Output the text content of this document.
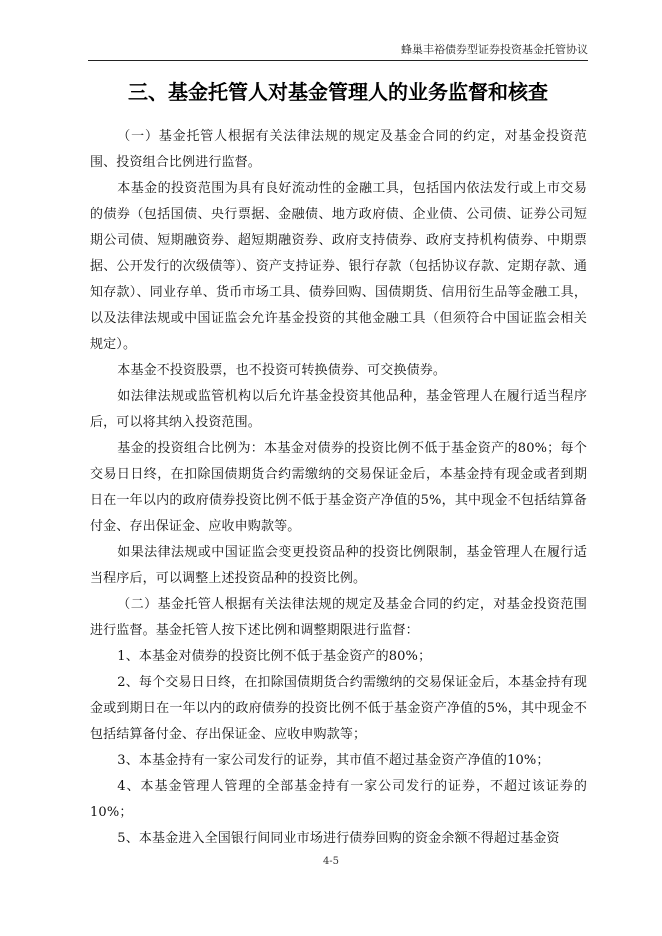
蜂巢丰裕债券型证券投资基金托管协议
三、基金托管人对基金管理人的业务监督和核查

（一）基金托管人根据有关法律法规的规定及基金合同的约定，对基金投资范围、投资组合比例进行监督。

本基金的投资范围为具有良好流动性的金融工具，包括国内依法发行或上市交易的债券（包括国债、央行票据、金融债、地方政府债、企业债、公司债、证券公司短期公司债、短期融资券、超短期融资券、政府支持债券、政府支持机构债券、中期票据、公开发行的次级债等）、资产支持证券、银行存款（包括协议存款、定期存款、通知存款）、同业存单、货币市场工具、债券回购、国债期货、信用衍生品等金融工具，以及法律法规或中国证监会允许基金投资的其他金融工具（但须符合中国证监会相关规定）。

本基金不投资股票，也不投资可转换债券、可交换债券。

如法律法规或监管机构以后允许基金投资其他品种，基金管理人在履行适当程序后，可以将其纳入投资范围。

基金的投资组合比例为：本基金对债券的投资比例不低于基金资产的80%；每个交易日日终，在扣除国债期货合约需缴纳的交易保证金后，本基金持有现金或者到期日在一年以内的政府债券投资比例不低于基金资产净值的5%，其中现金不包括结算备付金、存出保证金、应收申购款等。

如果法律法规或中国证监会变更投资品种的投资比例限制，基金管理人在履行适当程序后，可以调整上述投资品种的投资比例。

（二）基金托管人根据有关法律法规的规定及基金合同的约定，对基金投资范围进行监督。基金托管人按下述比例和调整期限进行监督：

1、本基金对债券的投资比例不低于基金资产的80%；

2、每个交易日日终，在扣除国债期货合约需缴纳的交易保证金后，本基金持有现金或到期日在一年以内的政府债券的投资比例不低于基金资产净值的5%，其中现金不包括结算备付金、存出保证金、应收申购款等；

3、本基金持有一家公司发行的证券，其市值不超过基金资产净值的10%；

4、本基金管理人管理的全部基金持有一家公司发行的证券，不超过该证券的10%；

5、本基金进入全国银行间同业市场进行债券回购的资金余额不得超过基金资

4-5
